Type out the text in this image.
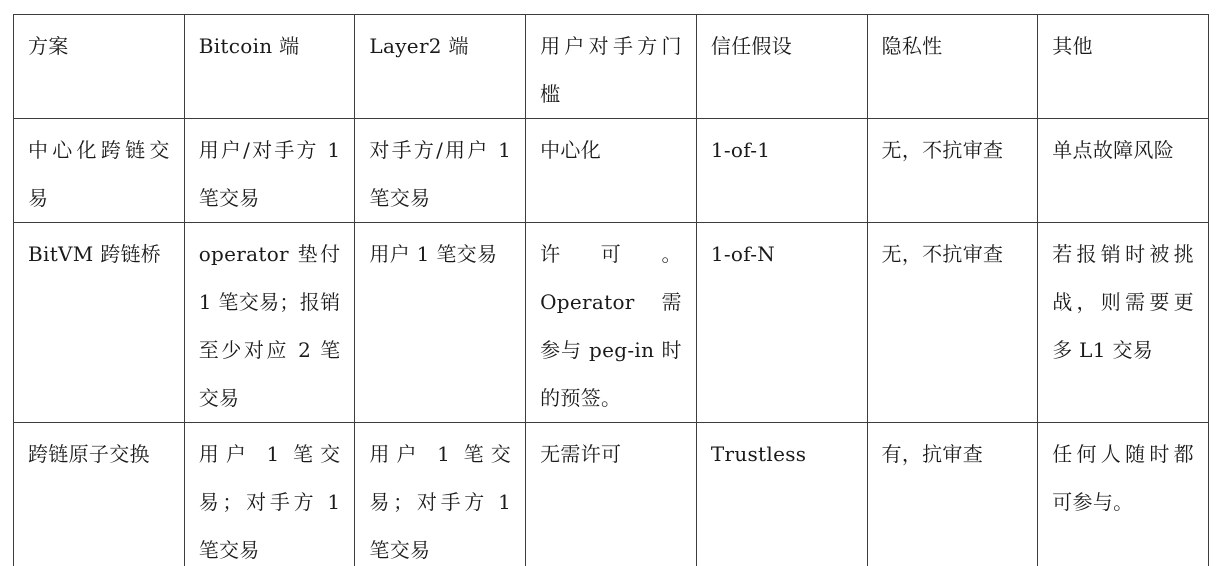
方案	Bitcoin 端	Layer2 端	用户对手方门槛	信任假设	隐私性	其他
中心化跨链交易	用户/对手方 1 笔交易	对手方/用户 1 笔交易	中心化	1-of-1	无，不抗审查	单点故障风险
BitVM 跨链桥	operator 垫付 1 笔交易；报销至少对应 2 笔交易	用户 1 笔交易	许可。Operator 需参与 peg-in 时的预签。	1-of-N	无，不抗审查	若报销时被挑战，则需要更多 L1 交易
跨链原子交换	用户 1 笔交易；对手方 1 笔交易	用户 1 笔交易；对手方 1 笔交易	无需许可	Trustless	有，抗审查	任何人随时都可参与。
